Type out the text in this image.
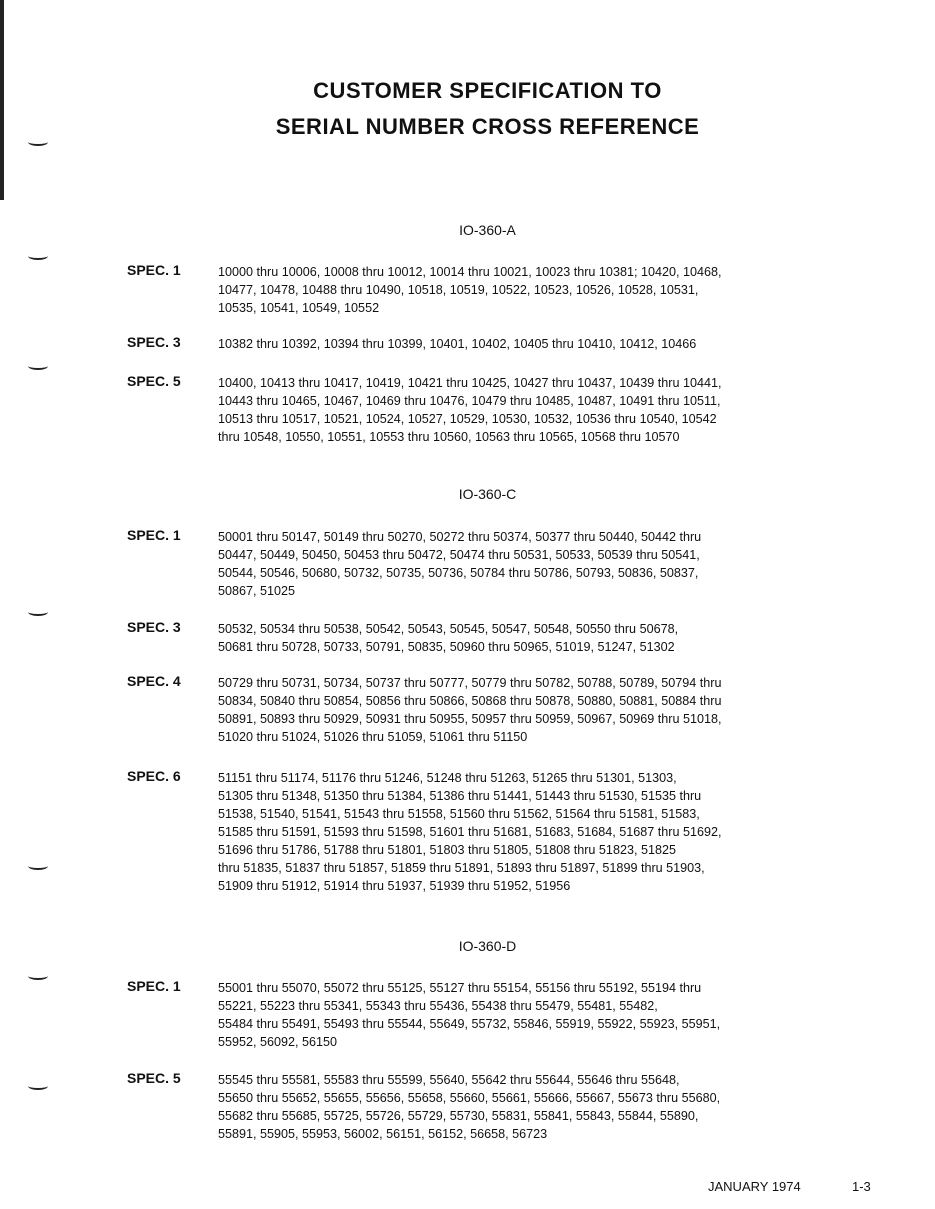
CUSTOMER SPECIFICATION TO
SERIAL NUMBER CROSS REFERENCE
IO-360-A
SPEC. 1	10000 thru 10006, 10008 thru 10012, 10014 thru 10021, 10023 thru 10381; 10420, 10468,
10477, 10478, 10488 thru 10490, 10518, 10519, 10522, 10523, 10526, 10528, 10531,
10535, 10541, 10549, 10552
SPEC. 3	10382 thru 10392, 10394 thru 10399, 10401, 10402, 10405 thru 10410, 10412, 10466
SPEC. 5	10400, 10413 thru 10417, 10419, 10421 thru 10425, 10427 thru 10437, 10439 thru 10441,
10443 thru 10465, 10467, 10469 thru 10476, 10479 thru 10485, 10487, 10491 thru 10511,
10513 thru 10517, 10521, 10524, 10527, 10529, 10530, 10532, 10536 thru 10540, 10542
thru 10548, 10550, 10551, 10553 thru 10560, 10563 thru 10565, 10568 thru 10570
IO-360-C
SPEC. 1	50001 thru 50147, 50149 thru 50270, 50272 thru 50374, 50377 thru 50440, 50442 thru
50447, 50449, 50450, 50453 thru 50472, 50474 thru 50531, 50533, 50539 thru 50541,
50544, 50546, 50680, 50732, 50735, 50736, 50784 thru 50786, 50793, 50836, 50837,
50867, 51025
SPEC. 3	50532, 50534 thru 50538, 50542, 50543, 50545, 50547, 50548, 50550 thru 50678,
50681 thru 50728, 50733, 50791, 50835, 50960 thru 50965, 51019, 51247, 51302
SPEC. 4	50729 thru 50731, 50734, 50737 thru 50777, 50779 thru 50782, 50788, 50789, 50794 thru
50834, 50840 thru 50854, 50856 thru 50866, 50868 thru 50878, 50880, 50881, 50884 thru
50891, 50893 thru 50929, 50931 thru 50955, 50957 thru 50959, 50967, 50969 thru 51018,
51020 thru 51024, 51026 thru 51059, 51061 thru 51150
SPEC. 6	51151 thru 51174, 51176 thru 51246, 51248 thru 51263, 51265 thru 51301, 51303,
51305 thru 51348, 51350 thru 51384, 51386 thru 51441, 51443 thru 51530, 51535 thru
51538, 51540, 51541, 51543 thru 51558, 51560 thru 51562, 51564 thru 51581, 51583,
51585 thru 51591, 51593 thru 51598, 51601 thru 51681, 51683, 51684, 51687 thru 51692,
51696 thru 51786, 51788 thru 51801, 51803 thru 51805, 51808 thru 51823, 51825
thru 51835, 51837 thru 51857, 51859 thru 51891, 51893 thru 51897, 51899 thru 51903,
51909 thru 51912, 51914 thru 51937, 51939 thru 51952, 51956
IO-360-D
SPEC. 1	55001 thru 55070, 55072 thru 55125, 55127 thru 55154, 55156 thru 55192, 55194 thru
55221, 55223 thru 55341, 55343 thru 55436, 55438 thru 55479, 55481, 55482,
55484 thru 55491, 55493 thru 55544, 55649, 55732, 55846, 55919, 55922, 55923, 55951,
55952, 56092, 56150
SPEC. 5	55545 thru 55581, 55583 thru 55599, 55640, 55642 thru 55644, 55646 thru 55648,
55650 thru 55652, 55655, 55656, 55658, 55660, 55661, 55666, 55667, 55673 thru 55680,
55682 thru 55685, 55725, 55726, 55729, 55730, 55831, 55841, 55843, 55844, 55890,
55891, 55905, 55953, 56002, 56151, 56152, 56658, 56723
JANUARY 1974	1-3
